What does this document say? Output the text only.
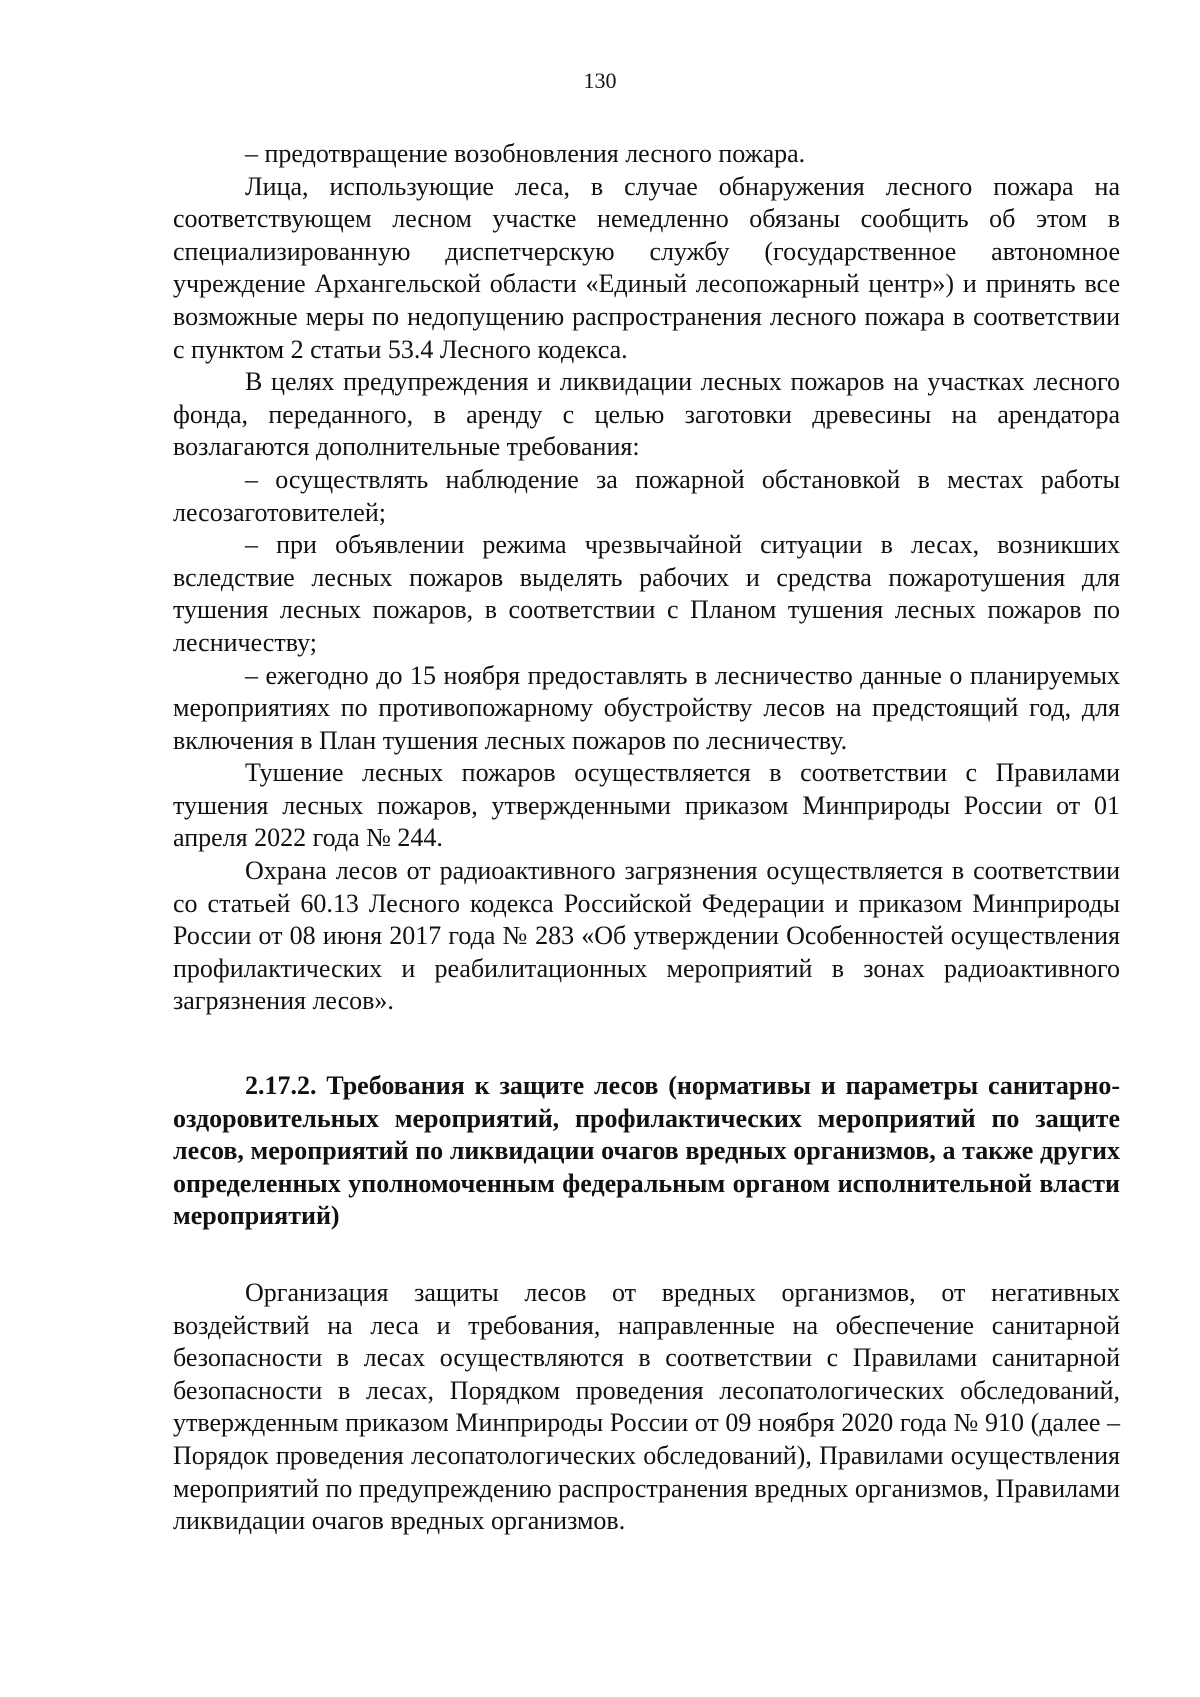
130

– предотвращение возобновления лесного пожара.

Лица, использующие леса, в случае обнаружения лесного пожара на соответствующем лесном участке немедленно обязаны сообщить об этом в специализированную диспетчерскую службу (государственное автономное учреждение Архангельской области «Единый лесопожарный центр») и принять все возможные меры по недопущению распространения лесного пожара в соответствии с пунктом 2 статьи 53.4 Лесного кодекса.

В целях предупреждения и ликвидации лесных пожаров на участках лесного фонда, переданного, в аренду с целью заготовки древесины на арендатора возлагаются дополнительные требования:

– осуществлять наблюдение за пожарной обстановкой в местах работы лесозаготовителей;

– при объявлении режима чрезвычайной ситуации в лесах, возникших вследствие лесных пожаров выделять рабочих и средства пожаротушения для тушения лесных пожаров, в соответствии с Планом тушения лесных пожаров по лесничеству;

– ежегодно до 15 ноября предоставлять в лесничество данные о планируемых мероприятиях по противопожарному обустройству лесов на предстоящий год, для включения в План тушения лесных пожаров по лесничеству.

Тушение лесных пожаров осуществляется в соответствии с Правилами тушения лесных пожаров, утвержденными приказом Минприроды России от 01 апреля 2022 года № 244.

Охрана лесов от радиоактивного загрязнения осуществляется в соответствии со статьей 60.13 Лесного кодекса Российской Федерации и приказом Минприроды России от 08 июня 2017 года № 283 «Об утверждении Особенностей осуществления профилактических и реабилитационных мероприятий в зонах радиоактивного загрязнения лесов».

2.17.2. Требования к защите лесов (нормативы и параметры санитарно-оздоровительных мероприятий, профилактических мероприятий по защите лесов, мероприятий по ликвидации очагов вредных организмов, а также других определенных уполномоченным федеральным органом исполнительной власти мероприятий)

Организация защиты лесов от вредных организмов, от негативных воздействий на леса и требования, направленные на обеспечение санитарной безопасности в лесах осуществляются в соответствии с Правилами санитарной безопасности в лесах, Порядком проведения лесопатологических обследований, утвержденным приказом Минприроды России от 09 ноября 2020 года № 910 (далее – Порядок проведения лесопатологических обследований), Правилами осуществления мероприятий по предупреждению распространения вредных организмов, Правилами ликвидации очагов вредных организмов.
